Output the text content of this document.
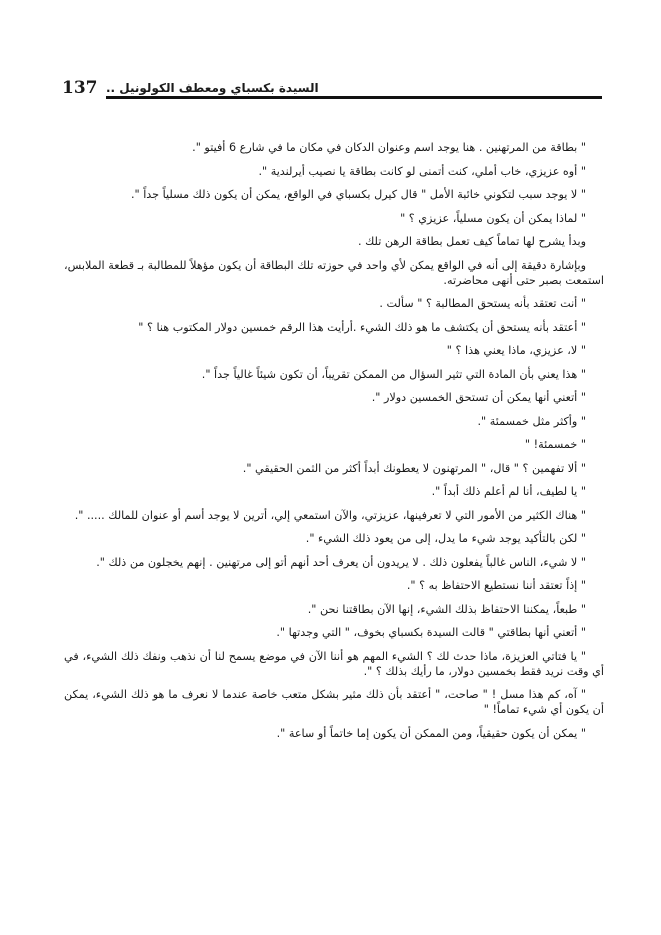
137 السيدة بكسباي ومعطف الكولونيل ..

" بطاقة من المرتهنين . هنا يوجد اسم وعنوان الدكان في مكان ما في شارع 6 أفيتو ".

" أوه عزيزي، خاب أملي، كنت أتمنى لو كانت بطاقة يا نصيب أيرلندية ".

" لا يوجد سبب لتكوني خائبة الأمل " قال كيرل بكسباي في الواقع، يمكن أن يكون ذلك مسلياً جداً ".

" لماذا يمكن أن يكون مسلياً، عزيزي ؟ "

وبدأ يشرح لها تماماً كيف تعمل بطاقة الرهن تلك .

وبإشارة دقيقة إلى أنه في الواقع يمكن لأي واحد في حوزته تلك البطاقة أن يكون مؤهلاً للمطالبة بـ قطعة الملابس، استمعت بصبر حتى أنهى محاضرته.

" أنت تعتقد بأنه يستحق المطالبة ؟ " سألت .

" أعتقد بأنه يستحق أن يكتشف ما هو ذلك الشيء .أرأيت هذا الرقم خمسين دولار المكتوب هنا ؟ "

" لا، عزيزي، ماذا يعني هذا ؟ "

" هذا يعني بأن المادة التي تثير السؤال من الممكن تقريباً، أن تكون شيئاً غالياً جداً ".

" أتعني أنها يمكن أن تستحق الخمسين دولار ".

" وأكثر مثل خمسمئة ".

" خمسمئة! "

" ألا تفهمين ؟ " قال، " المرتهنون لا يعطونك أبداً أكثر من الثمن الحقيقي ".

" يا لطيف، أنا لم أعلم ذلك أبداً ".

" هناك الكثير من الأمور التي لا تعرفينها، عزيزتي، والآن استمعي إلي، أترين لا يوجد أسم أو عنوان للمالك ..... ".

" لكن بالتأكيد يوجد شيء ما يدل، إلى من يعود ذلك الشيء ".

" لا شيء، الناس غالباً يفعلون ذلك . لا يريدون أن يعرف أحد أنهم أتو إلى مرتهنين . إنهم يخجلون من ذلك ".

" إذاً تعتقد أننا نستطيع الاحتفاظ به ؟ ".

" طبعاً، يمكننا الاحتفاظ بذلك الشيء، إنها الآن بطاقتنا نحن ".

" أتعني أنها بطاقتي " قالت السيدة بكسباي بخوف، " التي وجدتها ".

" يا فتاتي العزيزة، ماذا حدث لك ؟ الشيء المهم هو أننا الآن في موضع يسمح لنا أن نذهب ونفك ذلك الشيء، في أي وقت نريد فقط بخمسين دولار، ما رأيك بذلك ؟ ".

" آه، كم هذا مسل ! " صاحت، " أعتقد بأن ذلك مثير بشكل متعب خاصة عندما لا نعرف ما هو ذلك الشيء، يمكن أن يكون أي شيء تماماً! "

" يمكن أن يكون حقيقياً، ومن الممكن أن يكون إما خاتماً أو ساعة ".
